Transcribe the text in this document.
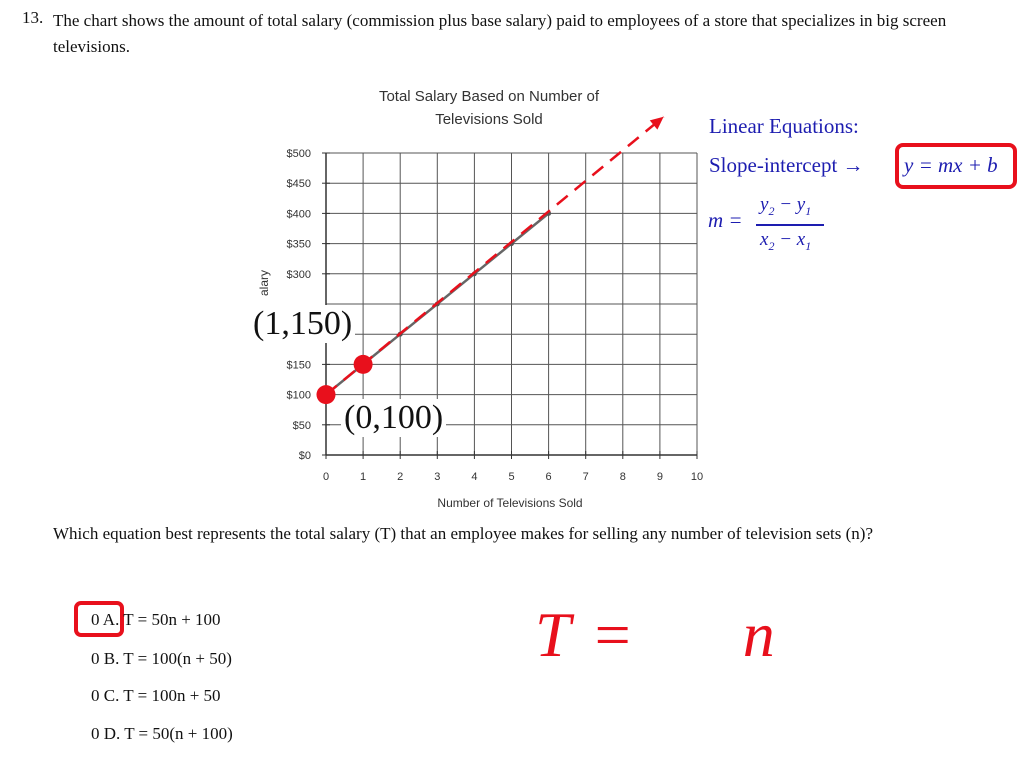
13. The chart shows the amount of total salary (commission plus base salary) paid to employees of a store that specializes in big screen televisions.
0	1	2	3	4	5	6	7	8	9	10
$0
$50
$100
$150
$300
$350
$400
$450
$500
Total Salary Based on Number of
Televisions Sold
Number of Televisions Sold
alary
(1,150)
(0,100)
Linear Equations:
Slope-intercept → y = mx + b
m =
$y_2 - y_1$
$x_2 - x_1$
Which equation best represents the total salary (T) that an employee makes for selling any number of television sets (n)?
0 A. T = 50n + 100
0 B. T = 100(n + 50)
0 C. T = 100n + 50
0 D. T = 50(n + 100)
T = n
